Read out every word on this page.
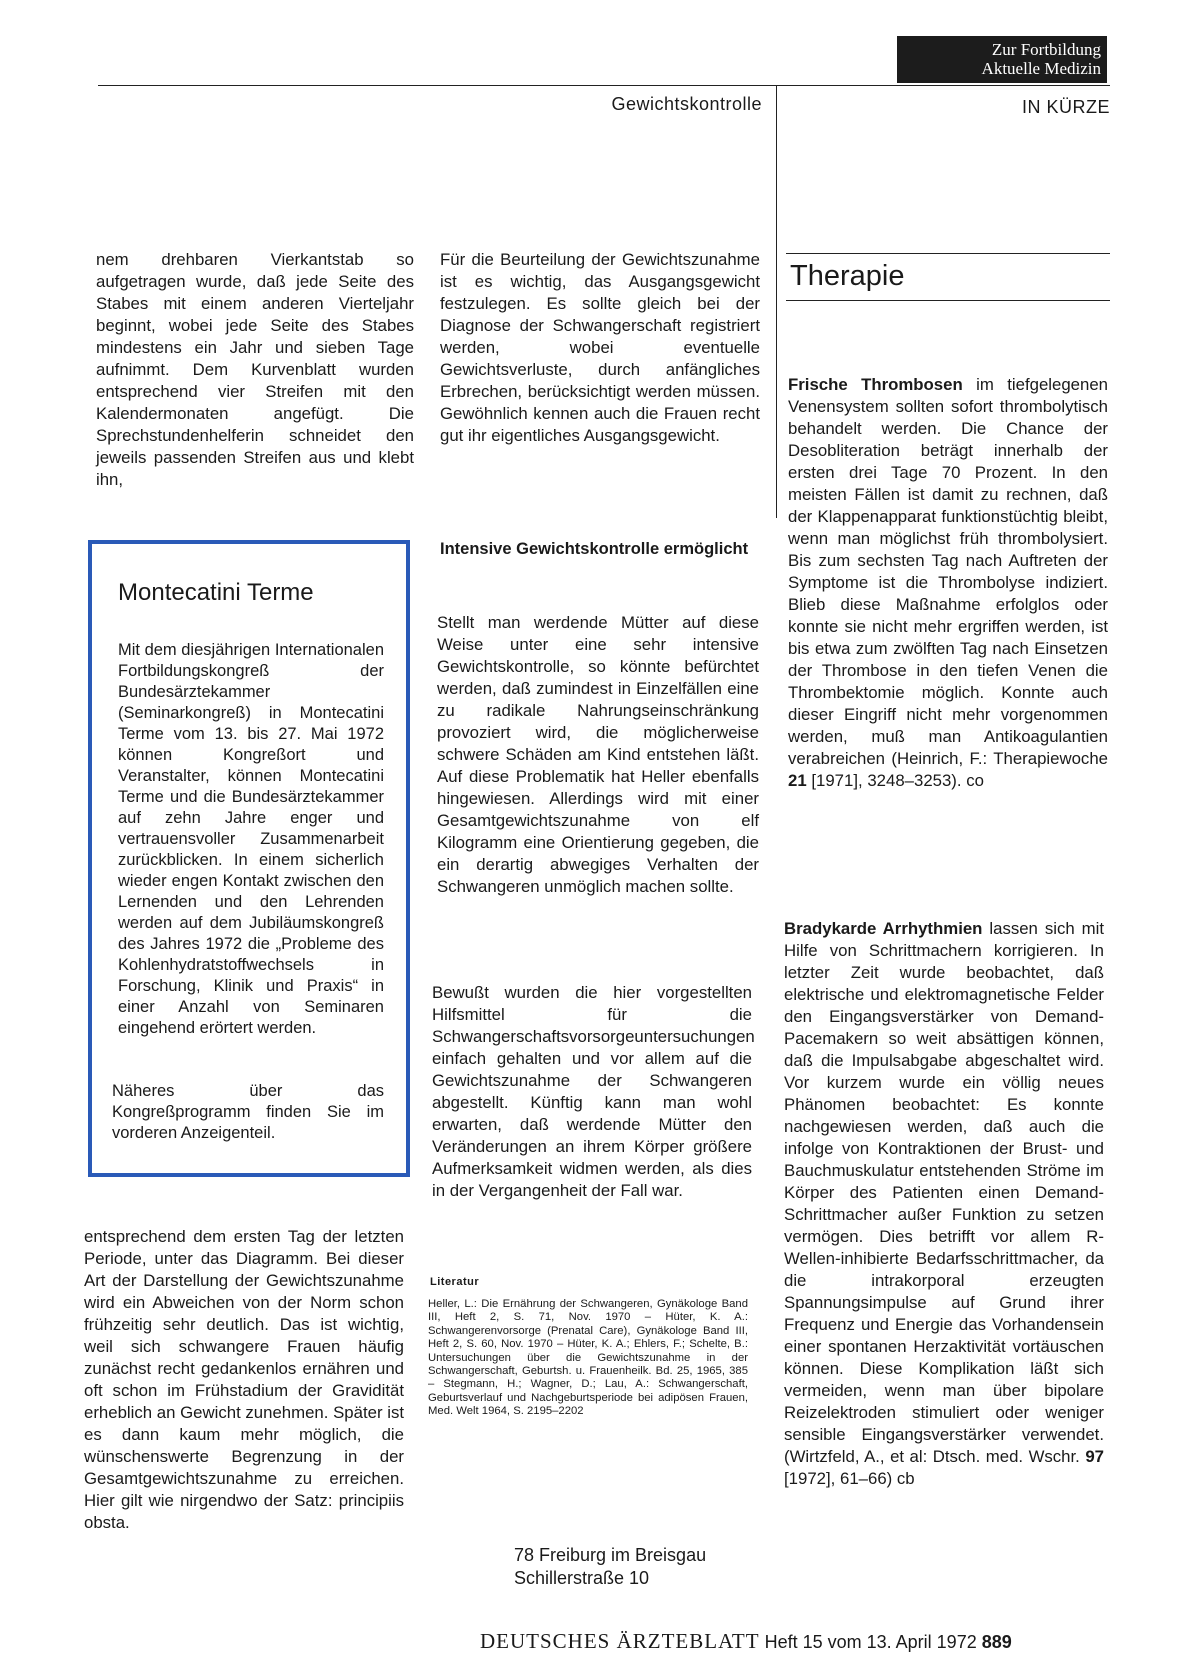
Zur Fortbildung
Aktuelle Medizin
Gewichtskontrolle	IN KÜRZE

nem drehbaren Vierkantstab so aufgetragen wurde, daß jede Seite des Stabes mit einem anderen Vierteljahr beginnt, wobei jede Seite des Stabes mindestens ein Jahr und sieben Tage aufnimmt. Dem Kurvenblatt wurden entsprechend vier Streifen mit den Kalendermonaten angefügt. Die Sprechstundenhelferin schneidet den jeweils passenden Streifen aus und klebt ihn,

Montecatini Terme
Mit dem diesjährigen Internationalen Fortbildungskongreß der Bundesärztekammer (Seminarkongreß) in Montecatini Terme vom 13. bis 27. Mai 1972 können Kongreßort und Veranstalter, können Montecatini Terme und die Bundesärztekammer auf zehn Jahre enger und vertrauensvoller Zusammenarbeit zurückblicken. In einem sicherlich wieder engen Kontakt zwischen den Lernenden und den Lehrenden werden auf dem Jubiläumskongreß des Jahres 1972 die „Probleme des Kohlenhydratstoffwechsels in Forschung, Klinik und Praxis“ in einer Anzahl von Seminaren eingehend erörtert werden.
Näheres über das Kongreßprogramm finden Sie im vorderen Anzeigenteil.

entsprechend dem ersten Tag der letzten Periode, unter das Diagramm. Bei dieser Art der Darstellung der Gewichtszunahme wird ein Abweichen von der Norm schon frühzeitig sehr deutlich. Das ist wichtig, weil sich schwangere Frauen häufig zunächst recht gedankenlos ernähren und oft schon im Frühstadium der Gravidität erheblich an Gewicht zunehmen. Später ist es dann kaum mehr möglich, die wünschenswerte Begrenzung in der Gesamtgewichtszunahme zu erreichen. Hier gilt wie nirgendwo der Satz: principiis obsta.

Für die Beurteilung der Gewichtszunahme ist es wichtig, das Ausgangsgewicht festzulegen. Es sollte gleich bei der Diagnose der Schwangerschaft registriert werden, wobei eventuelle Gewichtsverluste, durch anfängliches Erbrechen, berücksichtigt werden müssen. Gewöhnlich kennen auch die Frauen recht gut ihr eigentliches Ausgangsgewicht.

Intensive Gewichtskontrolle ermöglicht

Stellt man werdende Mütter auf diese Weise unter eine sehr intensive Gewichtskontrolle, so könnte befürchtet werden, daß zumindest in Einzelfällen eine zu radikale Nahrungseinschränkung provoziert wird, die möglicherweise schwere Schäden am Kind entstehen läßt. Auf diese Problematik hat Heller ebenfalls hingewiesen. Allerdings wird mit einer Gesamtgewichtszunahme von elf Kilogramm eine Orientierung gegeben, die ein derartig abwegiges Verhalten der Schwangeren unmöglich machen sollte.

Bewußt wurden die hier vorgestellten Hilfsmittel für die Schwangerschaftsvorsorgeuntersuchungen einfach gehalten und vor allem auf die Gewichtszunahme der Schwangeren abgestellt. Künftig kann man wohl erwarten, daß werdende Mütter den Veränderungen an ihrem Körper größere Aufmerksamkeit widmen werden, als dies in der Vergangenheit der Fall war.

Literatur
Heller, L.: Die Ernährung der Schwangeren, Gynäkologe Band III, Heft 2, S. 71, Nov. 1970 – Hüter, K. A.: Schwangerenvorsorge (Prenatal Care), Gynäkologe Band III, Heft 2, S. 60, Nov. 1970 – Hüter, K. A.; Ehlers, F.; Schelte, B.: Untersuchungen über die Gewichtszunahme in der Schwangerschaft, Geburtsh. u. Frauenheilk. Bd. 25, 1965, 385 – Stegmann, H.; Wagner, D.; Lau, A.: Schwangerschaft, Geburtsverlauf und Nachgeburtsperiode bei adipösen Frauen, Med. Welt 1964, S. 2195–2202
78 Freiburg im Breisgau
Schillerstraße 10
Therapie

Frische Thrombosen im tiefgelegenen Venensystem sollten sofort thrombolytisch behandelt werden. Die Chance der Desobliteration beträgt innerhalb der ersten drei Tage 70 Prozent. In den meisten Fällen ist damit zu rechnen, daß der Klappenapparat funktionstüchtig bleibt, wenn man möglichst früh thrombolysiert. Bis zum sechsten Tag nach Auftreten der Symptome ist die Thrombolyse indiziert. Blieb diese Maßnahme erfolglos oder konnte sie nicht mehr ergriffen werden, ist bis etwa zum zwölften Tag nach Einsetzen der Thrombose in den tiefen Venen die Thrombektomie möglich. Konnte auch dieser Eingriff nicht mehr vorgenommen werden, muß man Antikoagulantien verabreichen (Heinrich, F.: Therapiewoche 21 [1971], 3248–3253). co

Bradykarde Arrhythmien lassen sich mit Hilfe von Schrittmachern korrigieren. In letzter Zeit wurde beobachtet, daß elektrische und elektromagnetische Felder den Eingangsverstärker von Demand-Pacemakern so weit absättigen können, daß die Impulsabgabe abgeschaltet wird. Vor kurzem wurde ein völlig neues Phänomen beobachtet: Es konnte nachgewiesen werden, daß auch die infolge von Kontraktionen der Brust- und Bauchmuskulatur entstehenden Ströme im Körper des Patienten einen Demand-Schrittmacher außer Funktion zu setzen vermögen. Dies betrifft vor allem R-Wellen-inhibierte Bedarfsschrittmacher, da die intrakorporal erzeugten Spannungsimpulse auf Grund ihrer Frequenz und Energie das Vorhandensein einer spontanen Herzaktivität vortäuschen können. Diese Komplikation läßt sich vermeiden, wenn man über bipolare Reizelektroden stimuliert oder weniger sensible Eingangsverstärker verwendet. (Wirtzfeld, A., et al: Dtsch. med. Wschr. 97 [1972], 61–66) cb

DEUTSCHES ÄRZTEBLATT Heft 15 vom 13. April 1972 889
